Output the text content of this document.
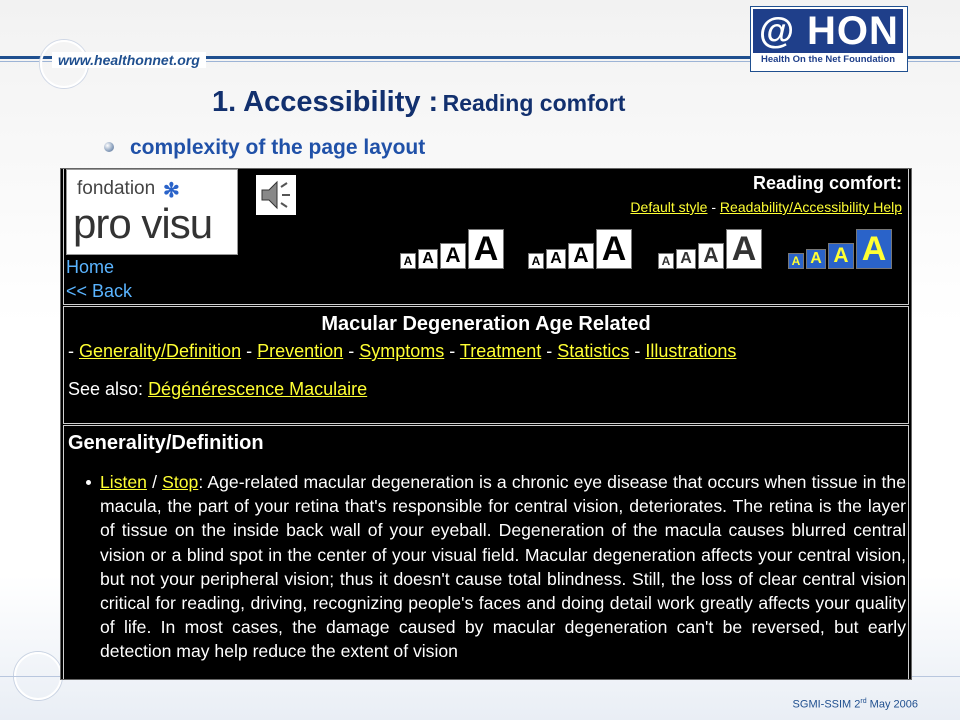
www.healthonnet.org
@ HON
Health On the Net Foundation
1. Accessibility : Reading comfort
complexity of the page layout
fondation ✻
pro visu
Home
<< Back
Reading comfort:
Default style - Readability/Accessibility Help
A A A A	A A A A	A A A A	A A A A
Macular Degeneration Age Related
- Generality/Definition - Prevention - Symptoms - Treatment - Statistics - Illustrations
See also: Dégénérescence Maculaire
Generality/Definition
Listen / Stop: Age-related macular degeneration is a chronic eye disease that occurs when tissue in the macula, the part of your retina that's responsible for central vision, deteriorates. The retina is the layer of tissue on the inside back wall of your eyeball. Degeneration of the macula causes blurred central vision or a blind spot in the center of your visual field. Macular degeneration affects your central vision, but not your peripheral vision; thus it doesn't cause total blindness. Still, the loss of clear central vision critical for reading, driving, recognizing people's faces and doing detail work greatly affects your quality of life. In most cases, the damage caused by macular degeneration can't be reversed, but early detection may help reduce the extent of vision
SGMI-SSIM 2rd May 2006
